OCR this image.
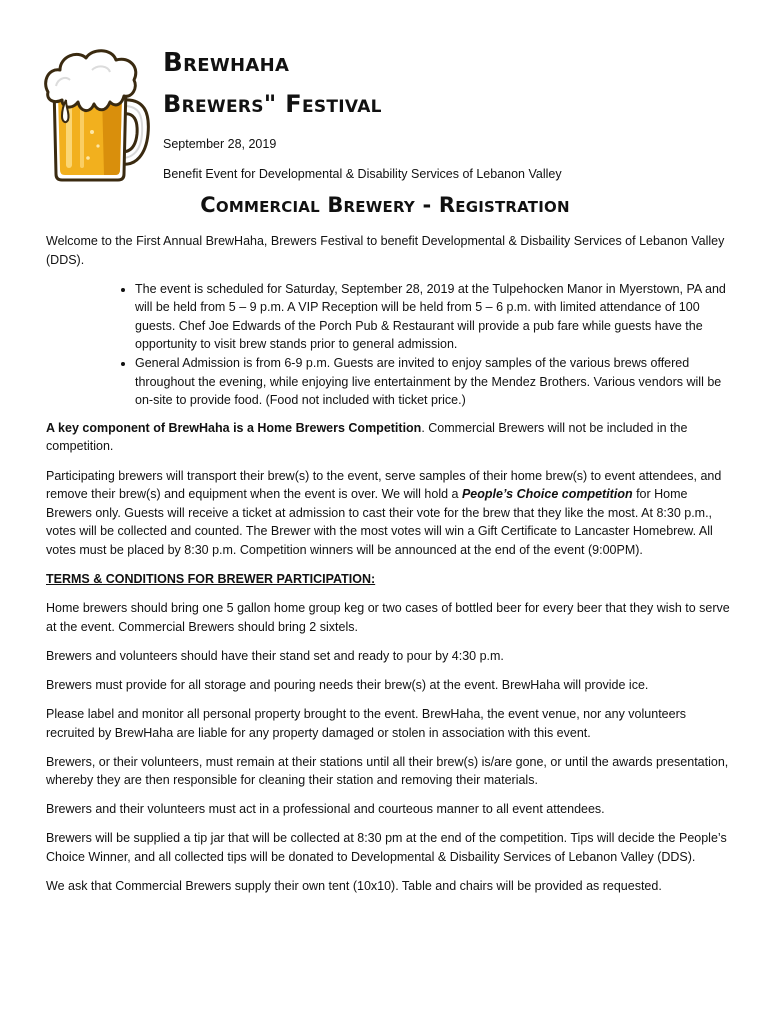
Brewhaha
Brewers" Festival
September 28, 2019
Benefit Event for Developmental & Disability Services of Lebanon Valley
Commercial Brewery - Registration

Welcome to the First Annual BrewHaha, Brewers Festival to benefit Developmental & Disbaility Services of Lebanon Valley (DDS).

• The event is scheduled for Saturday, September 28, 2019 at the Tulpehocken Manor in Myerstown, PA and will be held from 5 – 9 p.m. A VIP Reception will be held from 5 – 6 p.m. with limited attendance of 100 guests. Chef Joe Edwards of the Porch Pub & Restaurant will provide a pub fare while guests have the opportunity to visit brew stands prior to general admission.
• General Admission is from 6-9 p.m. Guests are invited to enjoy samples of the various brews offered throughout the evening, while enjoying live entertainment by the Mendez Brothers. Various vendors will be on-site to provide food. (Food not included with ticket price.)

A key component of BrewHaha is a Home Brewers Competition. Commercial Brewers will not be included in the competition.

Participating brewers will transport their brew(s) to the event, serve samples of their home brew(s) to event attendees, and remove their brew(s) and equipment when the event is over. We will hold a People’s Choice competition for Home Brewers only. Guests will receive a ticket at admission to cast their vote for the brew that they like the most. At 8:30 p.m., votes will be collected and counted. The Brewer with the most votes will win a Gift Certificate to Lancaster Homebrew. All votes must be placed by 8:30 p.m. Competition winners will be announced at the end of the event (9:00PM).

TERMS & CONDITIONS FOR BREWER PARTICIPATION:

Home brewers should bring one 5 gallon home group keg or two cases of bottled beer for every beer that they wish to serve at the event. Commercial Brewers should bring 2 sixtels.

Brewers and volunteers should have their stand set and ready to pour by 4:30 p.m.

Brewers must provide for all storage and pouring needs their brew(s) at the event. BrewHaha will provide ice.

Please label and monitor all personal property brought to the event. BrewHaha, the event venue, nor any volunteers recruited by BrewHaha are liable for any property damaged or stolen in association with this event.

Brewers, or their volunteers, must remain at their stations until all their brew(s) is/are gone, or until the awards presentation, whereby they are then responsible for cleaning their station and removing their materials.

Brewers and their volunteers must act in a professional and courteous manner to all event attendees.

Brewers will be supplied a tip jar that will be collected at 8:30 pm at the end of the competition. Tips will decide the People’s Choice Winner, and all collected tips will be donated to Developmental & Disbaility Services of Lebanon Valley (DDS).

We ask that Commercial Brewers supply their own tent (10x10). Table and chairs will be provided as requested.
